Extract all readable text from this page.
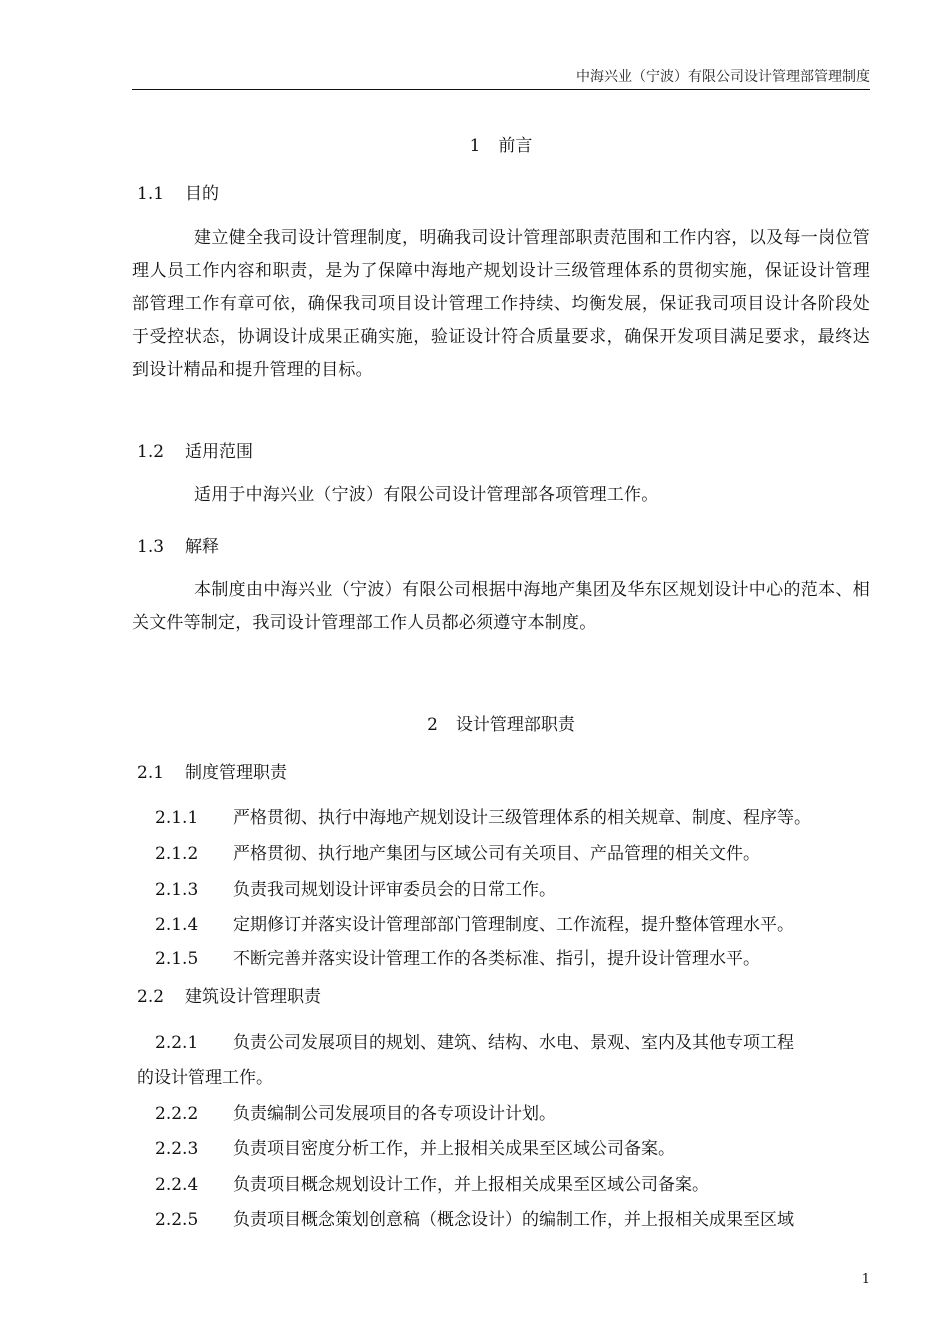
中海兴业（宁波）有限公司设计管理部管理制度
1 前言
1.1 目的
建立健全我司设计管理制度，明确我司设计管理部职责范围和工作内容，以及每一岗位管理人员工作内容和职责，是为了保障中海地产规划设计三级管理体系的贯彻实施，保证设计管理部管理工作有章可依，确保我司项目设计管理工作持续、均衡发展，保证我司项目设计各阶段处于受控状态，协调设计成果正确实施，验证设计符合质量要求，确保开发项目满足要求，最终达到设计精品和提升管理的目标。
1.2 适用范围
适用于中海兴业（宁波）有限公司设计管理部各项管理工作。
1.3 解释
本制度由中海兴业（宁波）有限公司根据中海地产集团及华东区规划设计中心的范本、相关文件等制定，我司设计管理部工作人员都必须遵守本制度。
2 设计管理部职责
2.1 制度管理职责
2.1.1 严格贯彻、执行中海地产规划设计三级管理体系的相关规章、制度、程序等。
2.1.2 严格贯彻、执行地产集团与区域公司有关项目、产品管理的相关文件。
2.1.3 负责我司规划设计评审委员会的日常工作。
2.1.4 定期修订并落实设计管理部部门管理制度、工作流程，提升整体管理水平。
2.1.5 不断完善并落实设计管理工作的各类标准、指引，提升设计管理水平。
2.2 建筑设计管理职责
2.2.1 负责公司发展项目的规划、建筑、结构、水电、景观、室内及其他专项工程
的设计管理工作。
2.2.2 负责编制公司发展项目的各专项设计计划。
2.2.3 负责项目密度分析工作，并上报相关成果至区域公司备案。
2.2.4 负责项目概念规划设计工作，并上报相关成果至区域公司备案。
2.2.5 负责项目概念策划创意稿（概念设计）的编制工作，并上报相关成果至区域
1
